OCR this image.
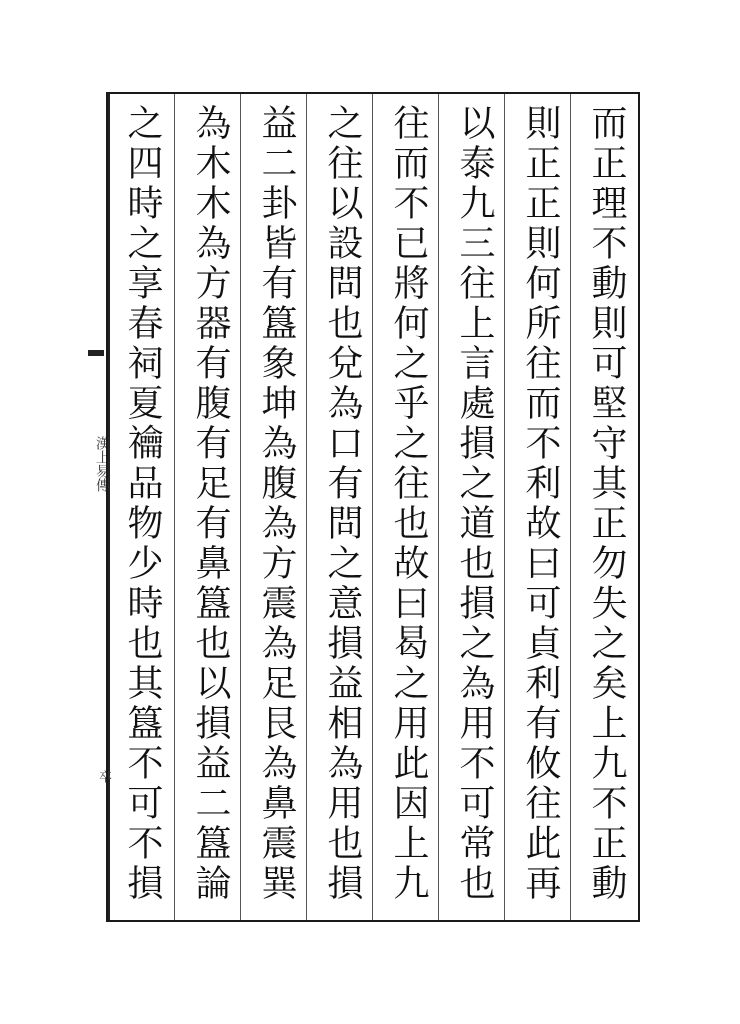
漢上易傳
卒	而正理不動則可堅守其正勿失之矣上九不正動
則正正則何所往而不利故曰可貞利有攸往此再
以泰九三往上言處損之道也損之為用不可常也
往而不已將何之乎之往也故曰曷之用此因上九
之往以設問也兌為口有問之意損益相為用也損
益二卦皆有簋象坤為腹為方震為足艮為鼻震巽
為木木為方器有腹有足有鼻簋也以損益二簋論
之四時之享春祠夏禴品物少時也其簋不可不損
